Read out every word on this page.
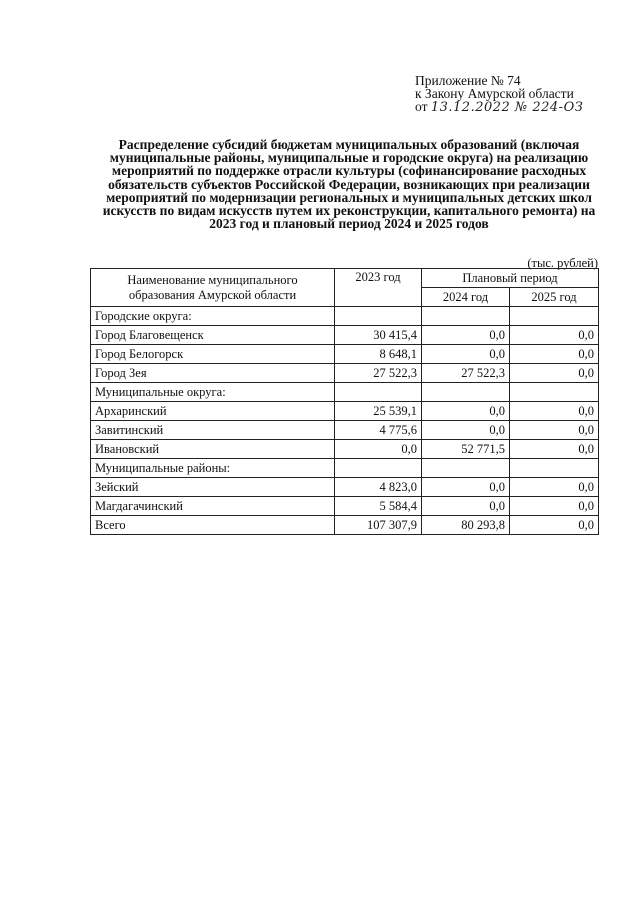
Приложение № 74
к Закону Амурской области
от 13.12.2022 № 224-ОЗ
Распределение субсидий бюджетам муниципальных образований (включая муниципальные районы, муниципальные и городские округа) на реализацию мероприятий по поддержке отрасли культуры (софинансирование расходных обязательств субъектов Российской Федерации, возникающих при реализации мероприятий по модернизации региональных и муниципальных детских школ искусств по видам искусств путем их реконструкции, капитального ремонта) на 2023 год и плановый период 2024 и 2025 годов
(тыс. рублей)
Наименование муниципального образования Амурской области	2023 год	Плановый период	
		2024 год	2025 год
Городские округа:			
Город Благовещенск	30 415,4	0,0	0,0
Город Белогорск	8 648,1	0,0	0,0
Город Зея	27 522,3	27 522,3	0,0
Муниципальные округа:			
Архаринский	25 539,1	0,0	0,0
Завитинский	4 775,6	0,0	0,0
Ивановский	0,0	52 771,5	0,0
Муниципальные районы:			
Зейский	4 823,0	0,0	0,0
Магдагачинский	5 584,4	0,0	0,0
Всего	107 307,9	80 293,8	0,0
